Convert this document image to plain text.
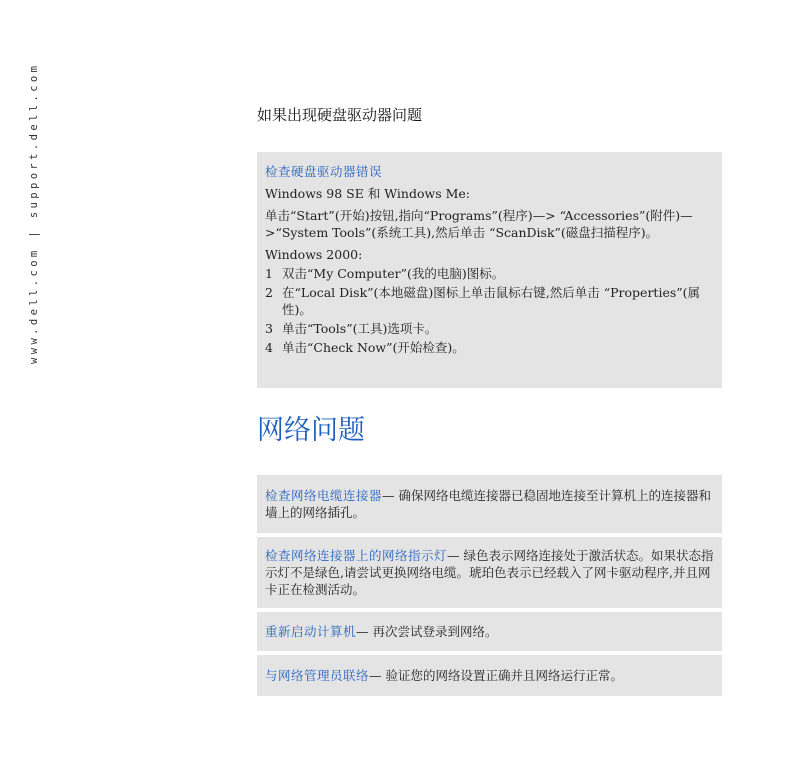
www.dell.com | support.dell.com	如果出现硬盘驱动器问题

检查硬盘驱动器错误

Windows 98 SE 和 Windows Me:

单击“Start”(开始)按钮,指向“Programs”(程序)—> “Accessories”(附件)—>“System Tools”(系统工具),然后单击 “ScanDisk”(磁盘扫描程序)。

Windows 2000:

1 双击“My Computer”(我的电脑)图标。
2 在“Local Disk”(本地磁盘)图标上单击鼠标右键,然后单击 “Properties”(属性)。
3 单击“Tools”(工具)选项卡。
4 单击“Check Now”(开始检查)。
网络问题
检查网络电缆连接器— 确保网络电缆连接器已稳固地连接至计算机上的连接器和墙上的网络插孔。
检查网络连接器上的网络指示灯— 绿色表示网络连接处于激活状态。如果状态指示灯不是绿色,请尝试更换网络电缆。琥珀色表示已经载入了网卡驱动程序,并且网卡正在检测活动。
重新启动计算机— 再次尝试登录到网络。
与网络管理员联络— 验证您的网络设置正确并且网络运行正常。
